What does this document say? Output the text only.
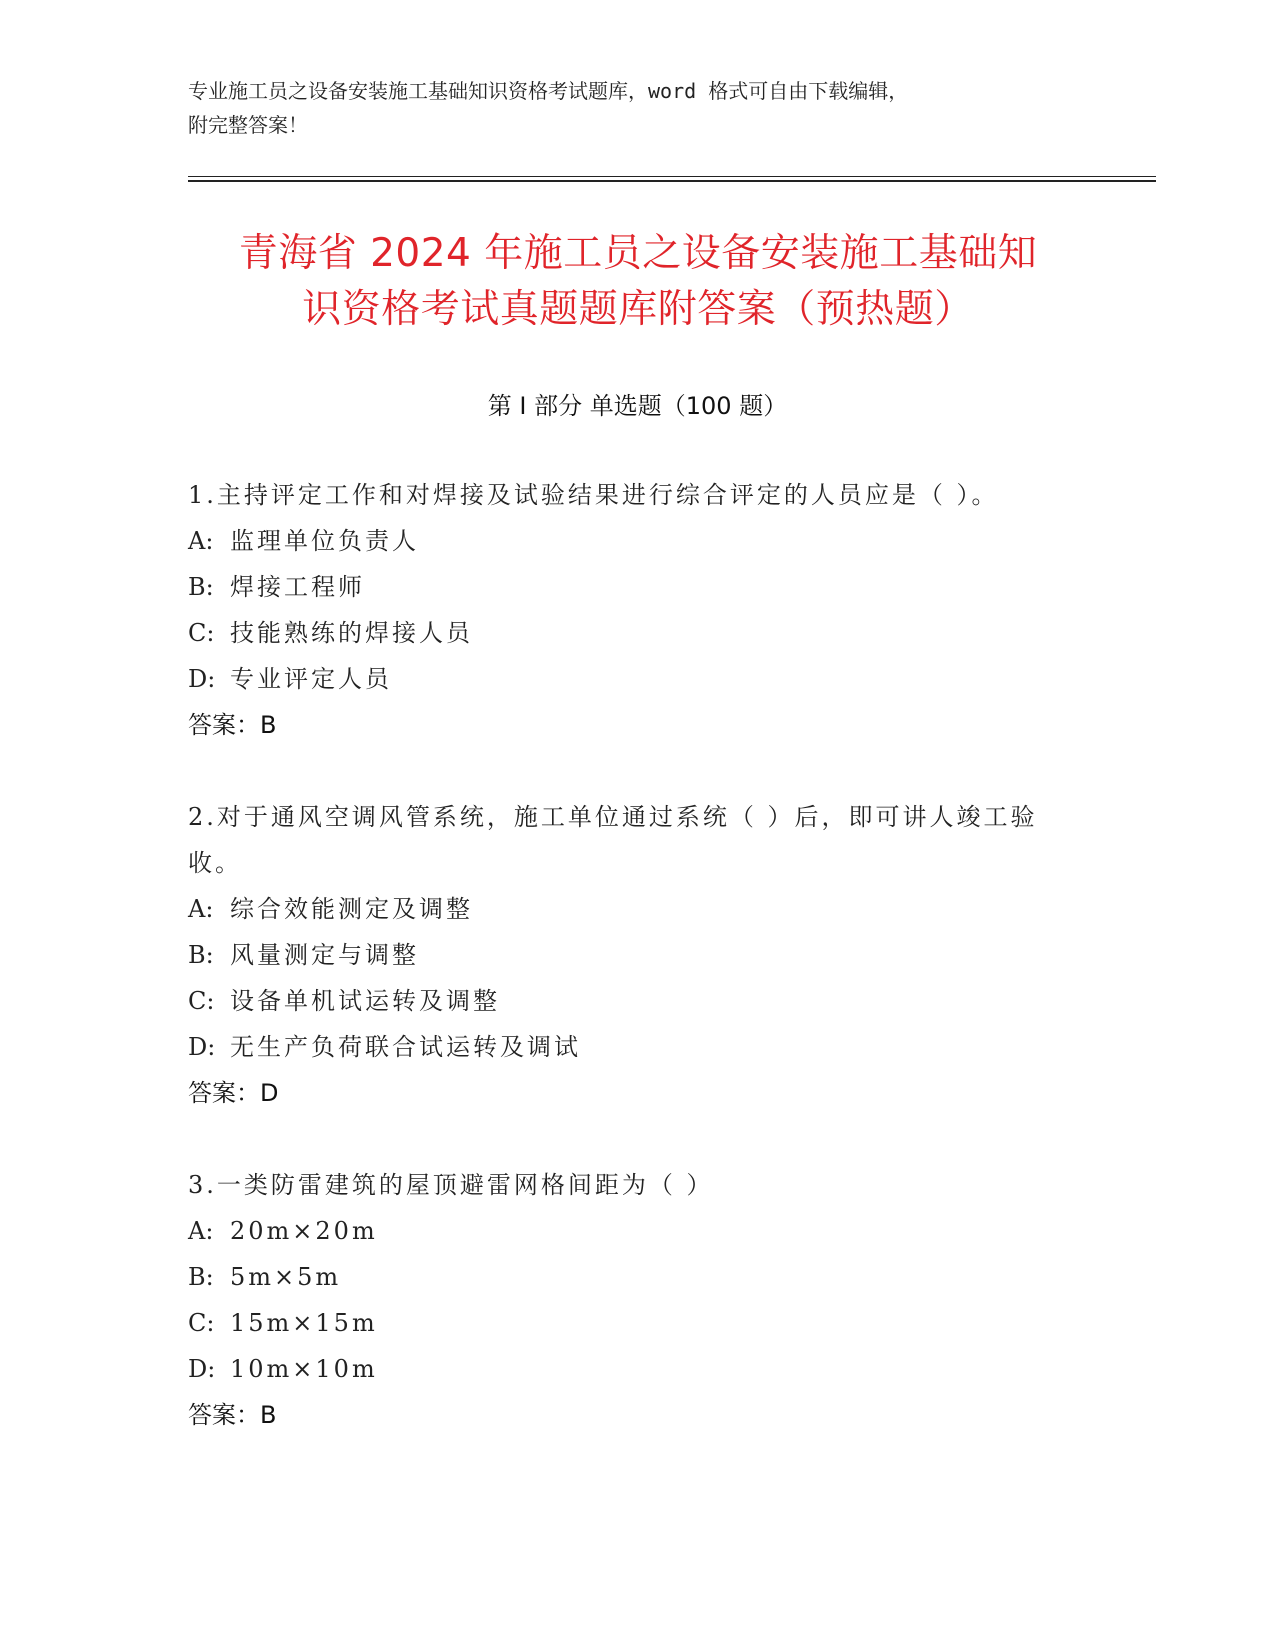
专业施工员之设备安装施工基础知识资格考试题库，word 格式可自由下载编辑，
附完整答案！
青海省 2024 年施工员之设备安装施工基础知
识资格考试真题题库附答案（预热题）
第 I 部分 单选题（100 题）
1.主持评定工作和对焊接及试验结果进行综合评定的人员应是（ ）。
A: 监理单位负责人
B: 焊接工程师
C: 技能熟练的焊接人员
D: 专业评定人员
答案：B
2.对于通风空调风管系统，施工单位通过系统（ ）后，即可讲人竣工验收。
A: 综合效能测定及调整
B: 风量测定与调整
C: 设备单机试运转及调整
D: 无生产负荷联合试运转及调试
答案：D
3.一类防雷建筑的屋顶避雷网格间距为（ ）
A: 20m×20m
B: 5m×5m
C: 15m×15m
D: 10m×10m
答案：B
